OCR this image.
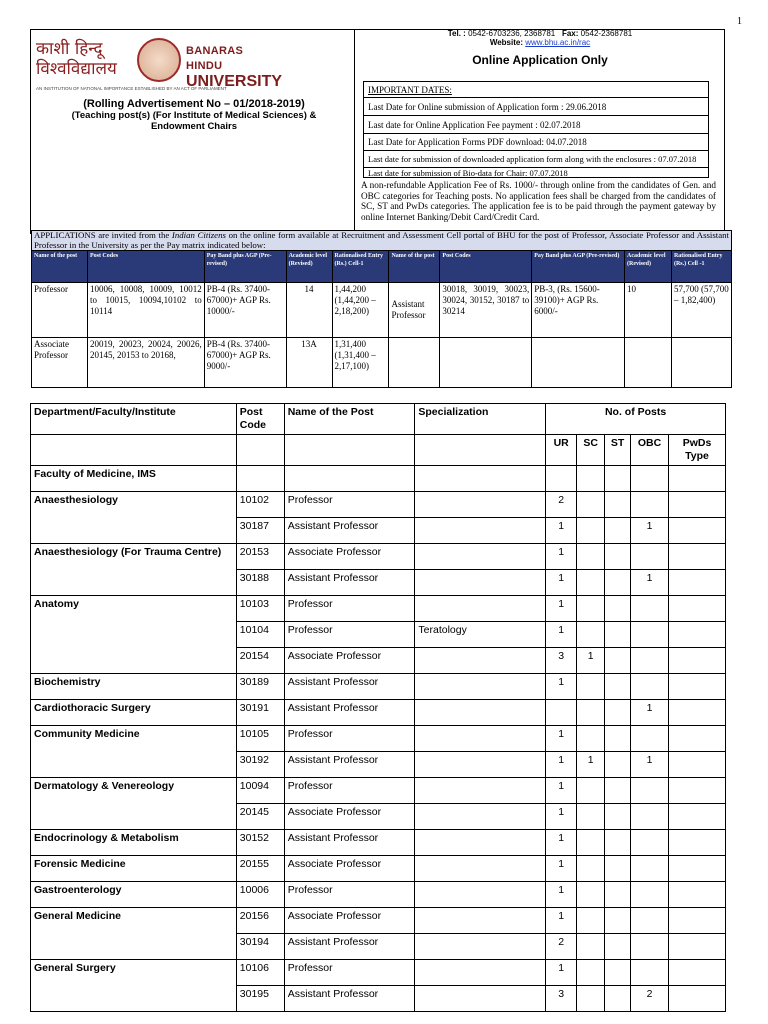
1
Tel. : 0542-6703236, 2368781 Fax: 0542-2368781
Website: www.bhu.ac.in/rac
Online Application Only
काशी हिन्दू
विश्वविद्यालय
BANARAS HINDU
UNIVERSITY
AN INSTITUTION OF NATIONAL IMPORTANCE ESTABLISHED BY AN ACT OF PARLIAMENT
(Rolling Advertisement No – 01/2018-2019)
(Teaching post(s) (For Institute of Medical Sciences) &
Endowment Chairs
IMPORTANT DATES:
Last Date for Online submission of Application form : 29.06.2018
Last date for Online Application Fee payment : 02.07.2018
Last Date for Application Forms PDF download: 04.07.2018
Last date for submission of downloaded application form along with the enclosures : 07.07.2018
Last date for submission of Bio-data for Chair: 07.07.2018
A non-refundable Application Fee of Rs. 1000/- through online from the candidates of Gen. and OBC categories for Teaching posts. No application fees shall be charged from the candidates of SC, ST and PwDs categories. The application fee is to be paid through the payment gateway by online Internet Banking/Debit Card/Credit Card.
APPLICATIONS are invited from the Indian Citizens on the online form available at Recruitment and Assessment Cell portal of BHU for the post of Professor, Associate Professor and Assistant Professor in the University as per the Pay matrix indicated below:
Name of the post	Post Codes	Pay Band plus AGP (Pre-revised)	Academic level (Revised)	Rationalised Entry (Rs.) Cell-1	Name of the post	Post Codes	Pay Band plus AGP (Pre-revised)	Academic level (Revised)	Rationalised Entry (Rs.) Cell -1
Professor	10006, 10008, 10009, 10012 to 10015, 10094,10102 to 10114	PB-4 (Rs. 37400-67000)+ AGP Rs. 10000/-	14	1,44,200 (1,44,200 – 2,18,200)	Assistant Professor	30018, 30019, 30023, 30024, 30152, 30187 to 30214	PB-3, (Rs. 15600-39100)+ AGP Rs. 6000/-	10	57,700 (57,700 – 1,82,400)
Associate Professor	20019, 20023, 20024, 20026, 20145, 20153 to 20168,	PB-4 (Rs. 37400-67000)+ AGP Rs. 9000/-	13A	1,31,400 (1,31,400 – 2,17,100)					
Department/Faculty/Institute	Post Code	Name of the Post	Specialization	No. of Posts				
				UR	SC	ST	OBC	PwDs Type
Faculty of Medicine, IMS								
Anaesthesiology	10102	Professor		2				
	30187	Assistant Professor		1			1	
Anaesthesiology (For Trauma Centre)	20153	Associate Professor		1				
	30188	Assistant Professor		1			1	
Anatomy	10103	Professor		1				
	10104	Professor	Teratology	1				
	20154	Associate Professor		3	1			
Biochemistry	30189	Assistant Professor		1				
Cardiothoracic Surgery	30191	Assistant Professor					1	
Community Medicine	10105	Professor		1				
	30192	Assistant Professor		1	1		1	
Dermatology & Venereology	10094	Professor		1				
	20145	Associate Professor		1				
Endocrinology & Metabolism	30152	Assistant Professor		1				
Forensic Medicine	20155	Associate Professor		1				
Gastroenterology	10006	Professor		1				
General Medicine	20156	Associate Professor		1				
	30194	Assistant Professor		2				
General Surgery	10106	Professor		1				
	30195	Assistant Professor		3			2	
